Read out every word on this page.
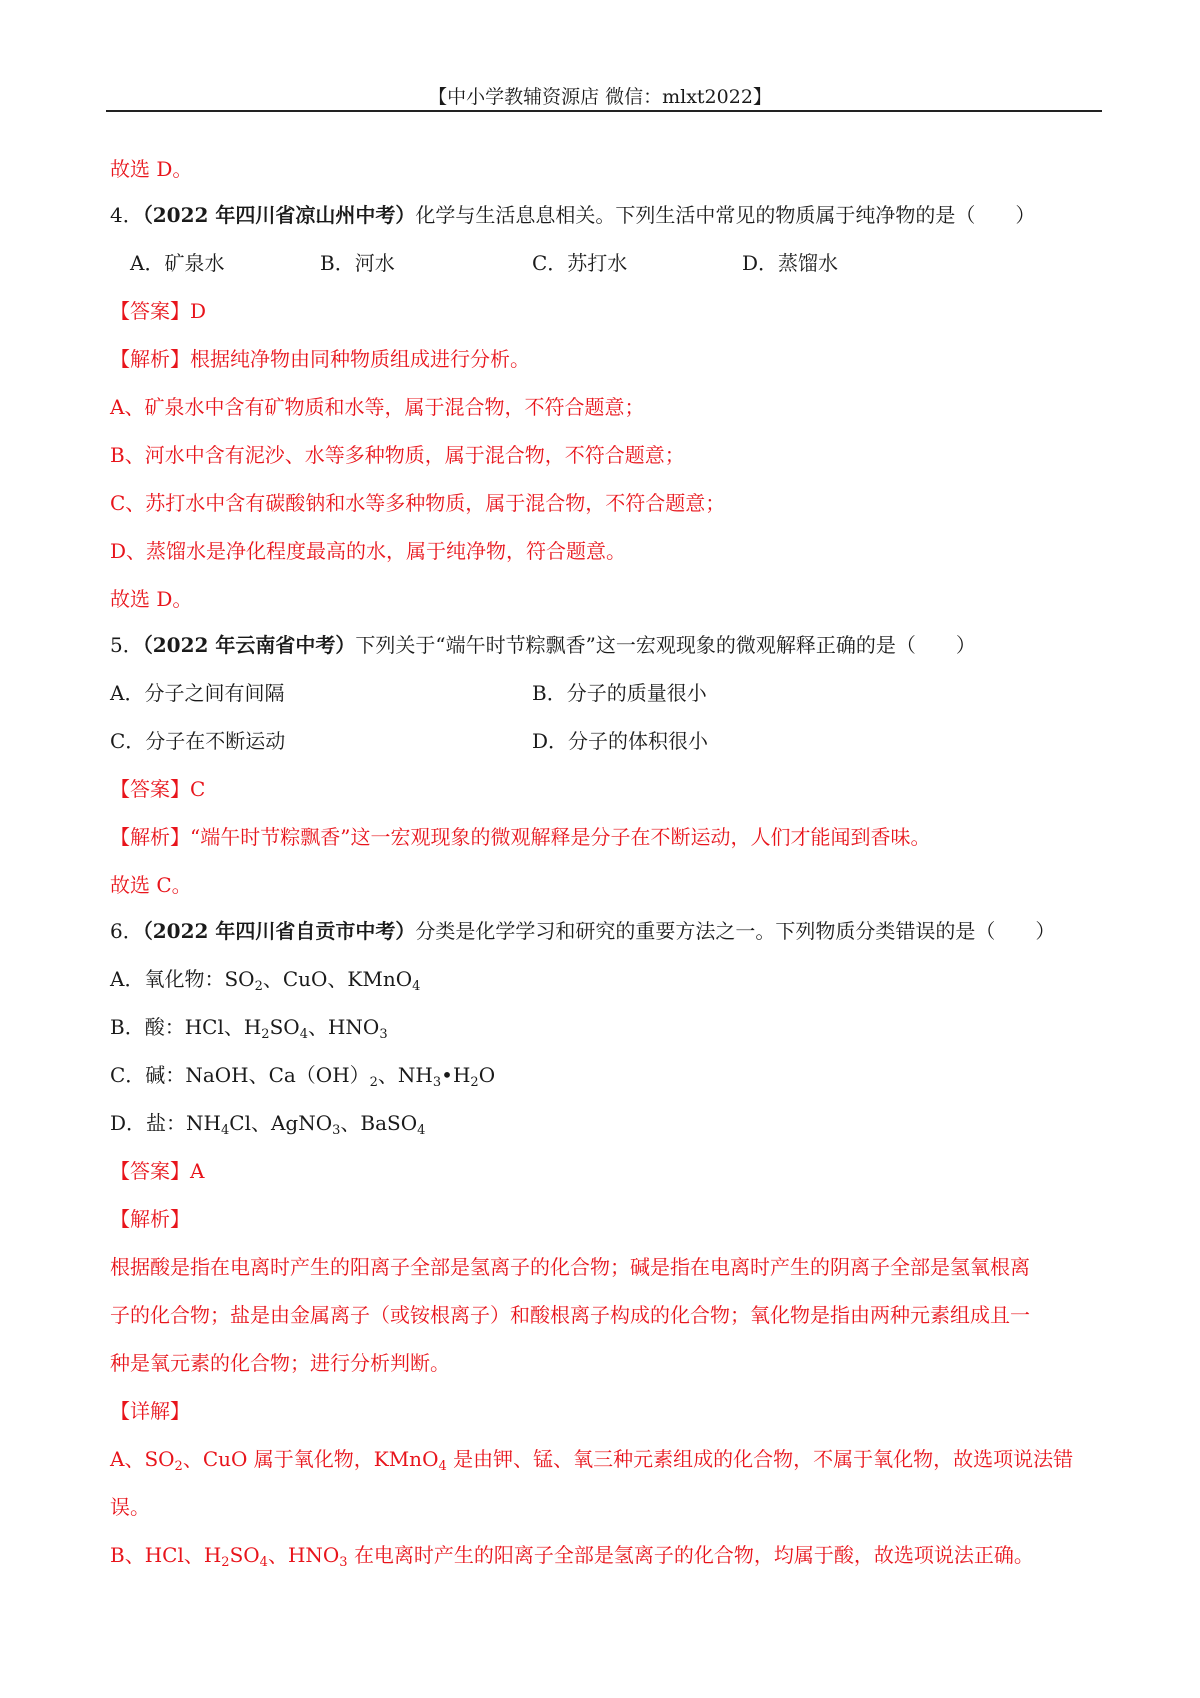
【中小学教辅资源店 微信：mlxt2022】
故选 D。
4．（2022 年四川省凉山州中考）化学与生活息息相关。下列生活中常见的物质属于纯净物的是（　　）
A．矿泉水	B．河水	C．苏打水	D．蒸馏水
【答案】D
【解析】根据纯净物由同种物质组成进行分析。
A、矿泉水中含有矿物质和水等，属于混合物，不符合题意；
B、河水中含有泥沙、水等多种物质，属于混合物，不符合题意；
C、苏打水中含有碳酸钠和水等多种物质，属于混合物，不符合题意；
D、蒸馏水是净化程度最高的水，属于纯净物，符合题意。
故选 D。
5．（2022 年云南省中考）下列关于“端午时节粽飘香”这一宏观现象的微观解释正确的是（　　）
A．分子之间有间隔	B．分子的质量很小
C．分子在不断运动	D．分子的体积很小
【答案】C
【解析】“端午时节粽飘香”这一宏观现象的微观解释是分子在不断运动，人们才能闻到香味。
故选 C。
6．（2022 年四川省自贡市中考）分类是化学学习和研究的重要方法之一。下列物质分类错误的是（　　）
A．氧化物：$SO_2$、CuO、KMnO$_4$
B．酸：HCl、$H_2SO_4$、$HNO_3$
C．碱：NaOH、$Ca(OH)_2$、$NH_3•H_2O$
D．盐：$NH_4Cl$、AgNO$_3$、BaSO$_4$
【答案】A
【解析】
根据酸是指在电离时产生的阳离子全部是氢离子的化合物；碱是指在电离时产生的阴离子全部是氢氧根离
子的化合物；盐是由金属离子（或铵根离子）和酸根离子构成的化合物；氧化物是指由两种元素组成且一
种是氧元素的化合物；进行分析判断。
【详解】
A、$SO_2$、CuO 属于氧化物，KMnO$_4$ 是由钾、锰、氧三种元素组成的化合物，不属于氧化物，故选项说法错
误。
B、HCl、$H_2SO_4$、$HNO_3$ 在电离时产生的阳离子全部是氢离子的化合物，均属于酸，故选项说法正确。
